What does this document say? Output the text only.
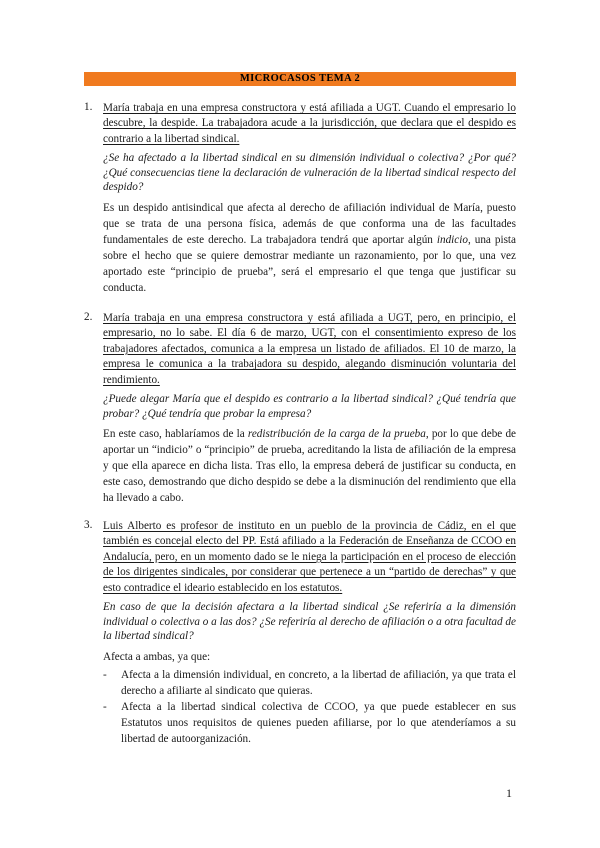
MICROCASOS TEMA 2
1. María trabaja en una empresa constructora y está afiliada a UGT. Cuando el empresario lo descubre, la despide. La trabajadora acude a la jurisdicción, que declara que el despido es contrario a la libertad sindical.
¿Se ha afectado a la libertad sindical en su dimensión individual o colectiva? ¿Por qué? ¿Qué consecuencias tiene la declaración de vulneración de la libertad sindical respecto del despido?
Es un despido antisindical que afecta al derecho de afiliación individual de María, puesto que se trata de una persona física, además de que conforma una de las facultades fundamentales de este derecho. La trabajadora tendrá que aportar algún indicio, una pista sobre el hecho que se quiere demostrar mediante un razonamiento, por lo que, una vez aportado este “principio de prueba”, será el empresario el que tenga que justificar su conducta.
2. María trabaja en una empresa constructora y está afiliada a UGT, pero, en principio, el empresario, no lo sabe. El día 6 de marzo, UGT, con el consentimiento expreso de los trabajadores afectados, comunica a la empresa un listado de afiliados. El 10 de marzo, la empresa le comunica a la trabajadora su despido, alegando disminución voluntaria del rendimiento.
¿Puede alegar María que el despido es contrario a la libertad sindical? ¿Qué tendría que probar? ¿Qué tendría que probar la empresa?
En este caso, hablaríamos de la redistribución de la carga de la prueba, por lo que debe de aportar un “indicio” o “principio” de prueba, acreditando la lista de afiliación de la empresa y que ella aparece en dicha lista. Tras ello, la empresa deberá de justificar su conducta, en este caso, demostrando que dicho despido se debe a la disminución del rendimiento que ella ha llevado a cabo.
3. Luis Alberto es profesor de instituto en un pueblo de la provincia de Cádiz, en el que también es concejal electo del PP. Está afiliado a la Federación de Enseñanza de CCOO en Andalucía, pero, en un momento dado se le niega la participación en el proceso de elección de los dirigentes sindicales, por considerar que pertenece a un “partido de derechas” y que esto contradice el ideario establecido en los estatutos.
En caso de que la decisión afectara a la libertad sindical ¿Se referiría a la dimensión individual o colectiva o a las dos? ¿Se referiría al derecho de afiliación o a otra facultad de la libertad sindical?
Afecta a ambas, ya que:
- Afecta a la dimensión individual, en concreto, a la libertad de afiliación, ya que trata el derecho a afiliarte al sindicato que quieras.
- Afecta a la libertad sindical colectiva de CCOO, ya que puede establecer en sus Estatutos unos requisitos de quienes pueden afiliarse, por lo que atenderíamos a su libertad de autoorganización.
1
